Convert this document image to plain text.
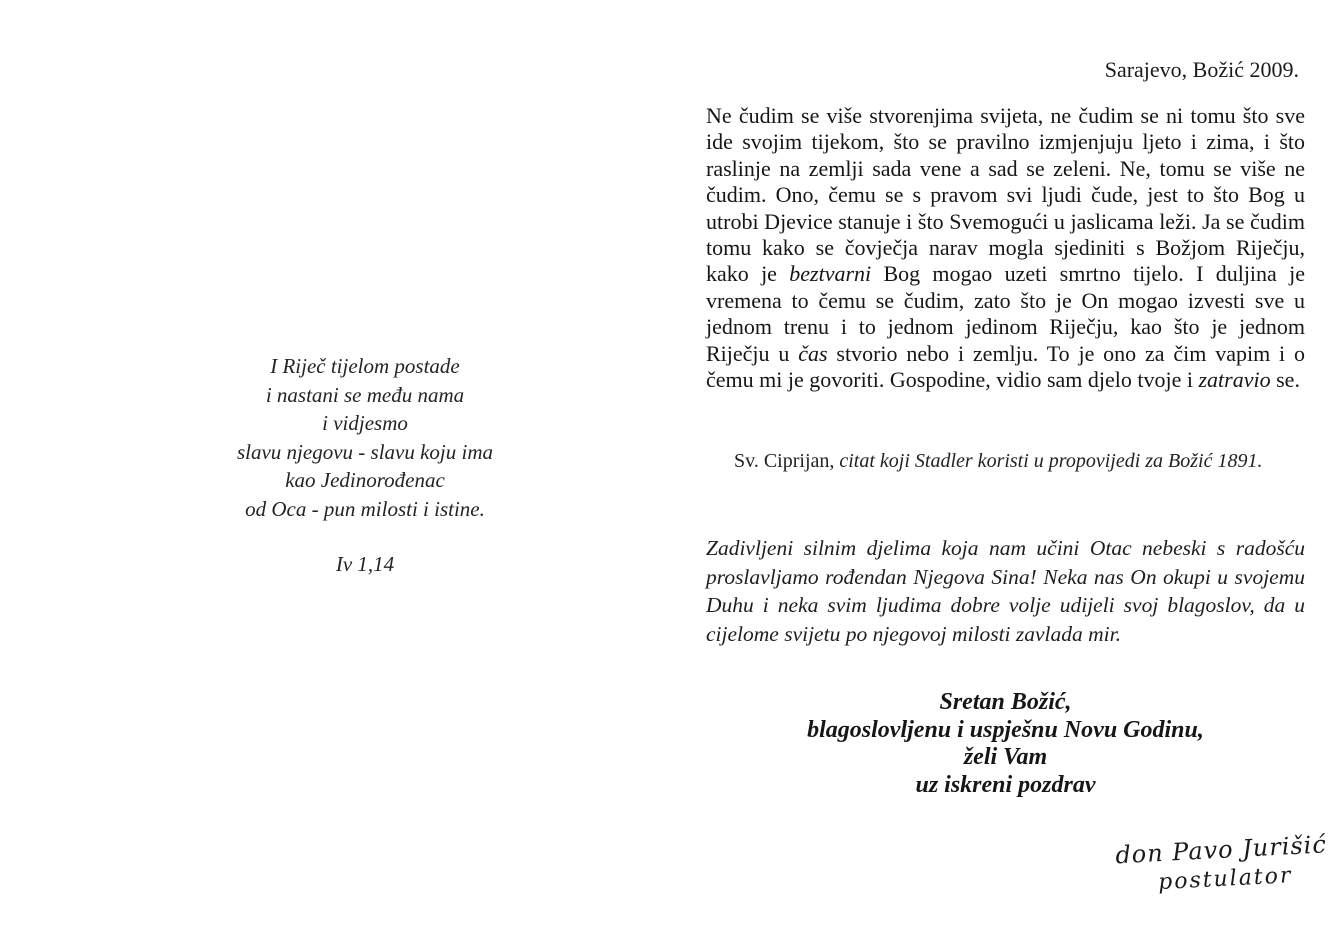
I Riječ tijelom postade
i nastani se među nama
i vidjesmo
slavu njegovu - slavu koju ima
kao Jedinorođenac
od Oca - pun milosti i istine.
Iv 1,14
Sarajevo, Božić 2009.

Ne čudim se više stvorenjima svijeta, ne čudim se ni tomu što sve ide svojim tijekom, što se pravilno izmjenjuju ljeto i zima, i što raslinje na zemlji sada vene a sad se zeleni. Ne, tomu se više ne čudim. Ono, čemu se s pravom svi ljudi čude, jest to što Bog u utrobi Djevice stanuje i što Svemogući u jaslicama leži. Ja se čudim tomu kako se čovječja narav mogla sjediniti s Božjom Riječju, kako je beztvarni Bog mogao uzeti smrtno tijelo. I duljina je vremena to čemu se čudim, zato što je On mogao izvesti sve u jednom trenu i to jednom jedinom Riječju, kao što je jednom Riječju u čas stvorio nebo i zemlju. To je ono za čim vapim i o čemu mi je govoriti. Gospodine, vidio sam djelo tvoje i zatravio se.

Sv. Ciprijan, citat koji Stadler koristi u propovijedi za Božić 1891.

Zadivljeni silnim djelima koja nam učini Otac nebeski s radošću proslavljamo rođendan Njegova Sina! Neka nas On okupi u svojemu Duhu i neka svim ljudima dobre volje udijeli svoj blagoslov, da u cijelome svijetu po njegovoj milosti zavlada mir.

Sretan Božić,
blagoslovljenu i uspješnu Novu Godinu,
želi Vam
uz iskreni pozdrav
don Pavo Jurišić
postulator
